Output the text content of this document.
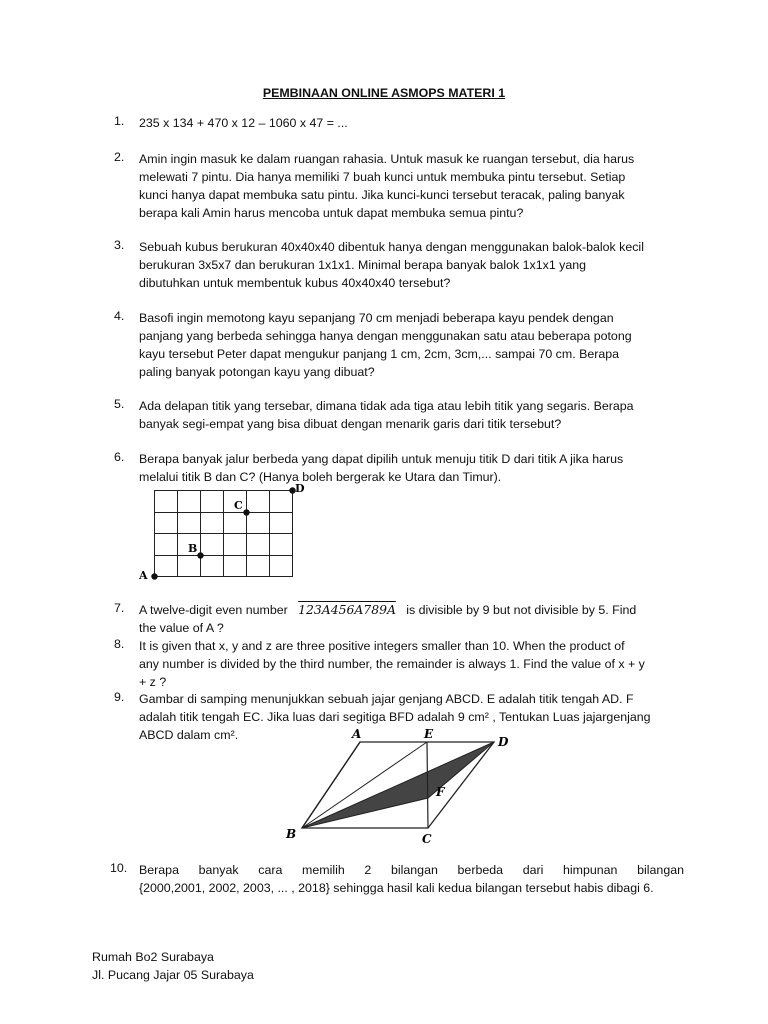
PEMBINAAN ONLINE ASMOPS MATERI 1
1. 235 x 134 + 470 x 12 – 1060 x 47 = ...
2. Amin ingin masuk ke dalam ruangan rahasia. Untuk masuk ke ruangan tersebut, dia harus
melewati 7 pintu. Dia hanya memiliki 7 buah kunci untuk membuka pintu tersebut. Setiap
kunci hanya dapat membuka satu pintu. Jika kunci-kunci tersebut teracak, paling banyak
berapa kali Amin harus mencoba untuk dapat membuka semua pintu?
3. Sebuah kubus berukuran 40x40x40 dibentuk hanya dengan menggunakan balok-balok kecil
berukuran 3x5x7 dan berukuran 1x1x1. Minimal berapa banyak balok 1x1x1 yang
dibutuhkan untuk membentuk kubus 40x40x40 tersebut?
4. Basofi ingin memotong kayu sepanjang 70 cm menjadi beberapa kayu pendek dengan
panjang yang berbeda sehingga hanya dengan menggunakan satu atau beberapa potong
kayu tersebut Peter dapat mengukur panjang 1 cm, 2cm, 3cm,... sampai 70 cm. Berapa
paling banyak potongan kayu yang dibuat?
5. Ada delapan titik yang tersebar, dimana tidak ada tiga atau lebih titik yang segaris. Berapa
banyak segi-empat yang bisa dibuat dengan menarik garis dari titik tersebut?
6. Berapa banyak jalur berbeda yang dapat dipilih untuk menuju titik D dari titik A jika harus
melalui titik B dan C? (Hanya boleh bergerak ke Utara dan Timur).
A
B
C
D
7. A twelve-digit even number 123A456A789A is divisible by 9 but not divisible by 5. Find
the value of A ?
8. It is given that x, y and z are three positive integers smaller than 10. When the product of
any number is divided by the third number, the remainder is always 1. Find the value of x + y
+ z ?
9. Gambar di samping menunjukkan sebuah jajar genjang ABCD. E adalah titik tengah AD. F
adalah titik tengah EC. Jika luas dari segitiga BFD adalah 9 cm² , Tentukan Luas jajargenjang
ABCD dalam cm².	A	E
D
F
B	C
10. Berapa banyak cara memilih 2 bilangan berbeda dari himpunan bilangan
{2000,2001, 2002, 2003, ... , 2018} sehingga hasil kali kedua bilangan tersebut habis dibagi 6.
Rumah Bo2 Surabaya
Jl. Pucang Jajar 05 Surabaya
